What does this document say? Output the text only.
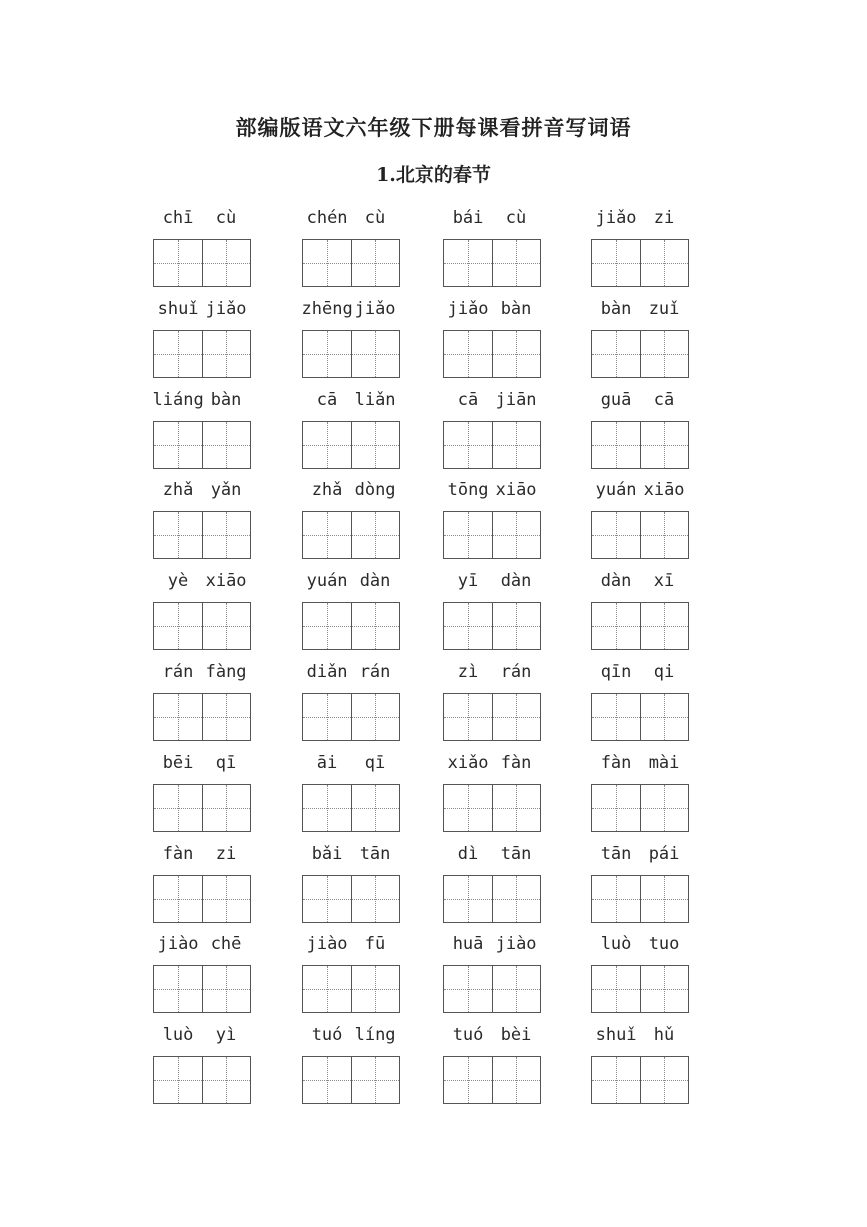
部编版语文六年级下册每课看拼音写词语
1.北京的春节
chī cù	chén cù	bái cù	jiǎo zi
shuǐ jiǎo	zhēng jiǎo	jiǎo bàn	bàn zuǐ
liáng bàn	cā liǎn	cā jiān	guā cā
zhǎ yǎn	zhǎ dòng	tōng xiāo	yuán xiāo
yè xiāo	yuán dàn	yī dàn	dàn xī
rán fàng	diǎn rán	zì rán	qīn qi
bēi qī	āi qī	xiǎo fàn	fàn mài
fàn zi	bǎi tān	dì tān	tān pái
jiào chē	jiào fū	huā jiào	luò tuo
luò yì	tuó líng	tuó bèi	shuǐ hǔ
